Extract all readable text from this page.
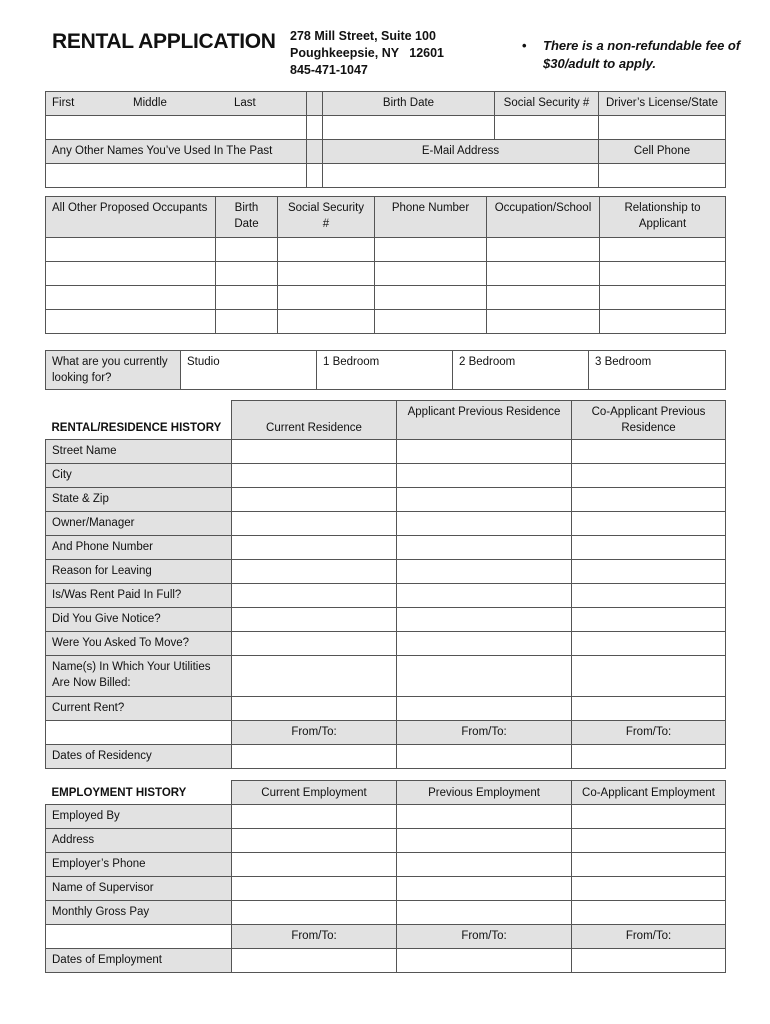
RENTAL APPLICATION 278 Mill Street, Suite 100
Poughkeepsie, NY   12601
845-471-1047
• There is a non-refundable fee of $30/adult to apply.
First Middle Last		Birth Date	Social Security #	Driver’s License/State

Any Other Names You’ve Used In The Past		E-Mail Address		Cell Phone

All Other Proposed Occupants	Birth Date	Social Security #	Phone Number	Occupation/School	Relationship to Applicant

What are you currently looking for?	Studio	1 Bedroom	2 Bedroom	3 Bedroom
RENTAL/RESIDENCE HISTORY	Current Residence	Applicant Previous Residence	Co-Applicant Previous Residence
Street Name			
City			
State & Zip			
Owner/Manager			
And Phone Number			
Reason for Leaving			
Is/Was Rent Paid In Full?			
Did You Give Notice?			
Were You Asked To Move?			
Name(s) In Which Your Utilities Are Now Billed:			
Current Rent?			
	From/To:	From/To:	From/To:
Dates of Residency			
EMPLOYMENT HISTORY	Current Employment	Previous Employment	Co-Applicant Employment
Employed By			
Address			
Employer’s Phone			
Name of Supervisor			
Monthly Gross Pay			
	From/To:	From/To:	From/To:
Dates of Employment			
